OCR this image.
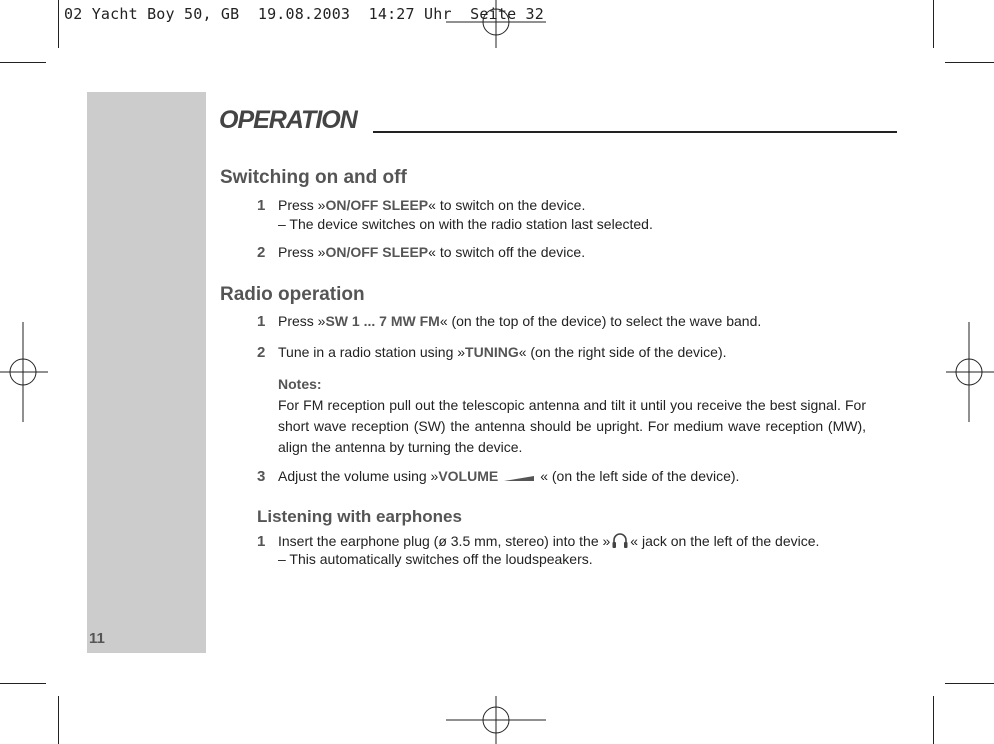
02 Yacht Boy 50, GB  19.08.2003  14:27 Uhr  Seite 32
11
OPERATION
Switching on and off
1 Press »ON/OFF SLEEP« to switch on the device.
– The device switches on with the radio station last selected.
2 Press »ON/OFF SLEEP« to switch off the device.
Radio operation
1 Press »SW 1 ... 7 MW FM« (on the top of the device) to select the wave band.
2 Tune in a radio station using »TUNING« (on the right side of the device).
Notes:
For FM reception pull out the telescopic antenna and tilt it until you receive the best signal. For short wave reception (SW) the antenna should be upright. For medium wave reception (MW), align the antenna by turning the device.
3 Adjust the volume using »VOLUME	« (on the left side of the device).
Listening with earphones
1 Insert the earphone plug (ø 3.5 mm, stereo) into the » « jack on the left of the device.
– This automatically switches off the loudspeakers.
